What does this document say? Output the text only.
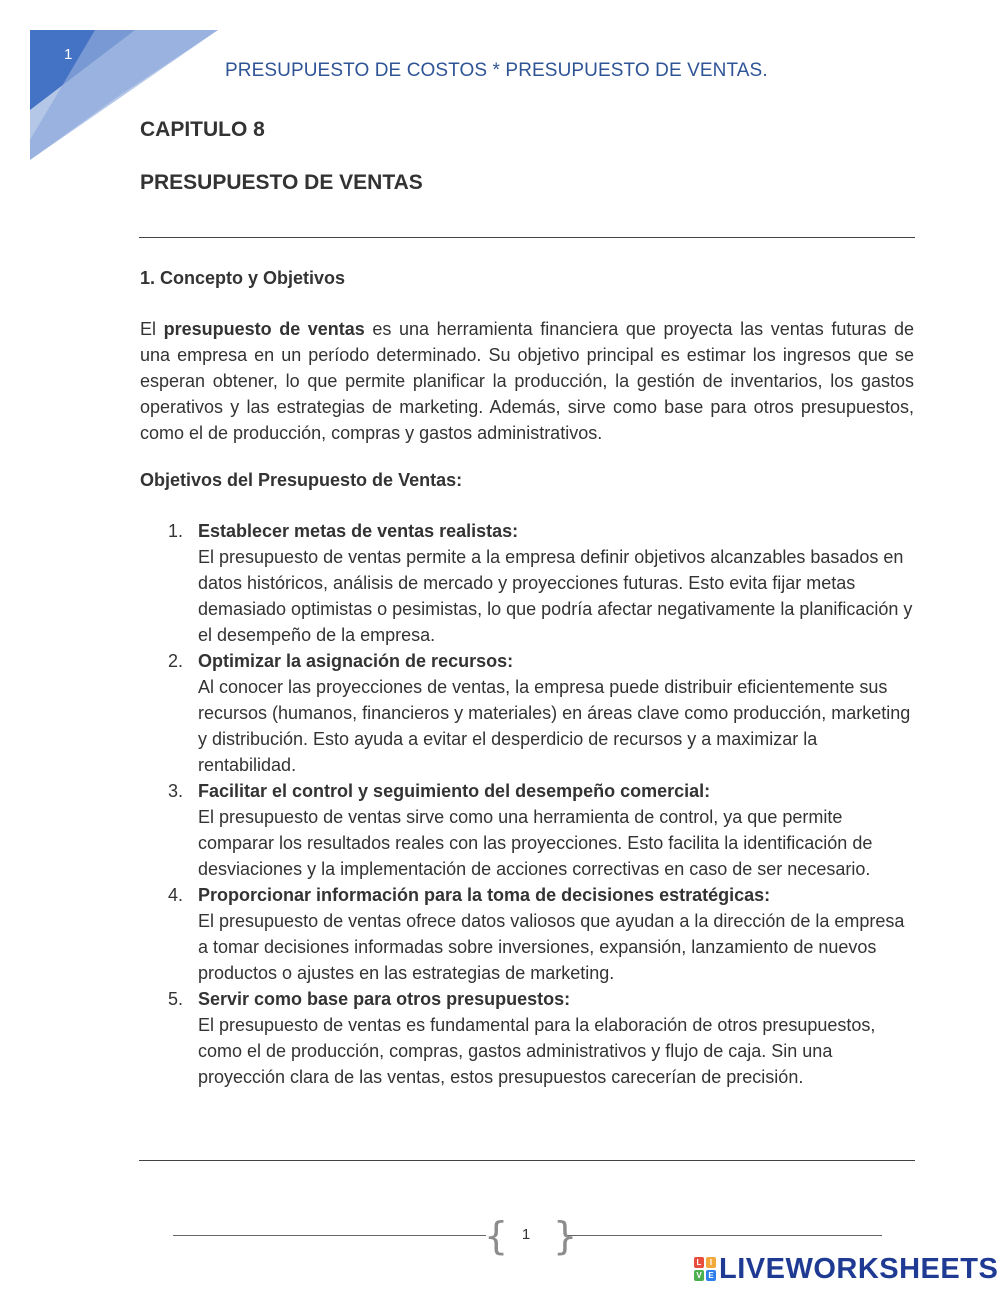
1
PRESUPUESTO DE COSTOS * PRESUPUESTO DE VENTAS.
CAPITULO 8
PRESUPUESTO DE VENTAS
1. Concepto y Objetivos

El presupuesto de ventas es una herramienta financiera que proyecta las ventas futuras de una empresa en un período determinado. Su objetivo principal es estimar los ingresos que se esperan obtener, lo que permite planificar la producción, la gestión de inventarios, los gastos operativos y las estrategias de marketing. Además, sirve como base para otros presupuestos, como el de producción, compras y gastos administrativos.

Objetivos del Presupuesto de Ventas:
1. Establecer metas de ventas realistas:
El presupuesto de ventas permite a la empresa definir objetivos alcanzables basados en datos históricos, análisis de mercado y proyecciones futuras. Esto evita fijar metas demasiado optimistas o pesimistas, lo que podría afectar negativamente la planificación y el desempeño de la empresa.
2. Optimizar la asignación de recursos:
Al conocer las proyecciones de ventas, la empresa puede distribuir eficientemente sus recursos (humanos, financieros y materiales) en áreas clave como producción, marketing y distribución. Esto ayuda a evitar el desperdicio de recursos y a maximizar la rentabilidad.
3. Facilitar el control y seguimiento del desempeño comercial:
El presupuesto de ventas sirve como una herramienta de control, ya que permite comparar los resultados reales con las proyecciones. Esto facilita la identificación de desviaciones y la implementación de acciones correctivas en caso de ser necesario.
4. Proporcionar información para la toma de decisiones estratégicas:
El presupuesto de ventas ofrece datos valiosos que ayudan a la dirección de la empresa a tomar decisiones informadas sobre inversiones, expansión, lanzamiento de nuevos productos o ajustes en las estrategias de marketing.
5. Servir como base para otros presupuestos:
El presupuesto de ventas es fundamental para la elaboración de otros presupuestos, como el de producción, compras, gastos administrativos y flujo de caja. Sin una proyección clara de las ventas, estos presupuestos carecerían de precisión.
{ }
1
L	I
V E LIVEWORKSHEETS
